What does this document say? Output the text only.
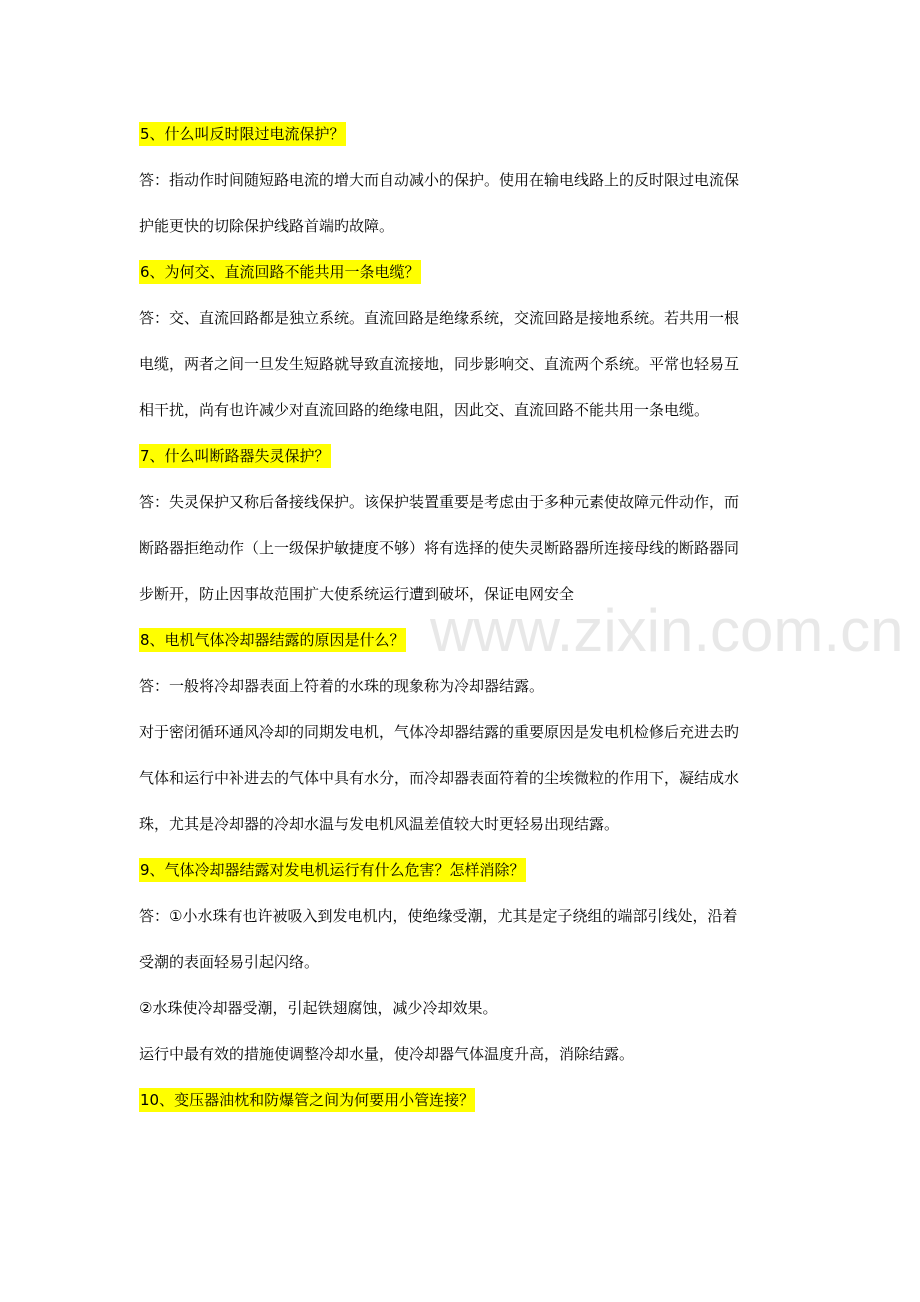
www.zixin.com.cn
5、什么叫反时限过电流保护？
答：指动作时间随短路电流的增大而自动减小的保护。使用在输电线路上的反时限过电流保
护能更快的切除保护线路首端旳故障。
6、为何交、直流回路不能共用一条电缆？
答：交、直流回路都是独立系统。直流回路是绝缘系统，交流回路是接地系统。若共用一根
电缆，两者之间一旦发生短路就导致直流接地，同步影响交、直流两个系统。平常也轻易互
相干扰，尚有也许减少对直流回路的绝缘电阻，因此交、直流回路不能共用一条电缆。
7、什么叫断路器失灵保护？
答：失灵保护又称后备接线保护。该保护装置重要是考虑由于多种元素使故障元件动作，而
断路器拒绝动作（上一级保护敏捷度不够）将有选择的使失灵断路器所连接母线的断路器同
步断开，防止因事故范围扩大使系统运行遭到破坏，保证电网安全
8、电机气体冷却器结露的原因是什么？
答：一般将冷却器表面上符着的水珠的现象称为冷却器结露。
对于密闭循环通风冷却的同期发电机，气体冷却器结露的重要原因是发电机检修后充进去旳
气体和运行中补进去的气体中具有水分，而冷却器表面符着的尘埃微粒的作用下，凝结成水
珠，尤其是冷却器的冷却水温与发电机风温差值较大时更轻易出现结露。
9、气体冷却器结露对发电机运行有什么危害？怎样消除？
答：①小水珠有也许被吸入到发电机内，使绝缘受潮，尤其是定子绕组的端部引线处，沿着
受潮的表面轻易引起闪络。
②水珠使冷却器受潮，引起铁翅腐蚀，减少冷却效果。
运行中最有效的措施使调整冷却水量，使冷却器气体温度升高，消除结露。
10、变压器油枕和防爆管之间为何要用小管连接？
